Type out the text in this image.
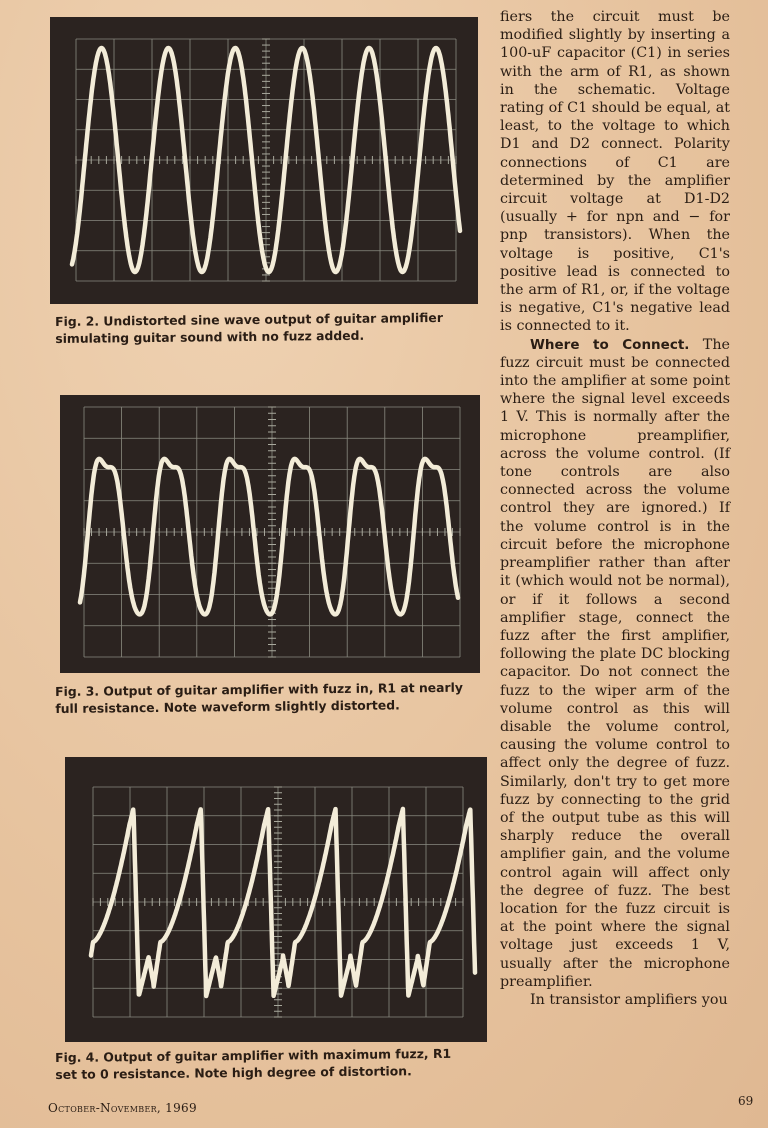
Fig. 2. Undistorted sine wave output of guitar amplifier simulating guitar sound with no fuzz added.
Fig. 3. Output of guitar amplifier with fuzz in, R1 at nearly full resistance. Note waveform slightly distorted.
Fig. 4. Output of guitar amplifier with maximum fuzz, R1 set to 0 resistance. Note high degree of distortion.

fiers the circuit must be modified slightly by inserting a 100-uF capacitor (C1) in series with the arm of R1, as shown in the schematic. Voltage rating of C1 should be equal, at least, to the voltage to which D1 and D2 connect. Polarity connections of C1 are determined by the amplifier circuit voltage at D1-D2 (usually + for npn and − for pnp transistors). When the voltage is positive, C1's positive lead is connected to the arm of R1, or, if the voltage is negative, C1's negative lead is connected to it.

Where to Connect. The fuzz circuit must be connected into the amplifier at some point where the signal level exceeds 1 V. This is normally after the microphone preamplifier, across the volume control. (If tone controls are also connected across the volume control they are ignored.) If the volume control is in the circuit before the microphone preamplifier rather than after it (which would not be normal), or if it follows a second amplifier stage, connect the fuzz after the first amplifier, following the plate DC blocking capacitor. Do not connect the fuzz to the wiper arm of the volume control as this will disable the volume control, causing the volume control to affect only the degree of fuzz. Similarly, don't try to get more fuzz by connecting to the grid of the output tube as this will sharply reduce the overall amplifier gain, and the volume control again will affect only the degree of fuzz. The best location for the fuzz circuit is at the point where the signal voltage just exceeds 1 V, usually after the microphone preamplifier.

In transistor amplifiers you

October-November, 1969	69
